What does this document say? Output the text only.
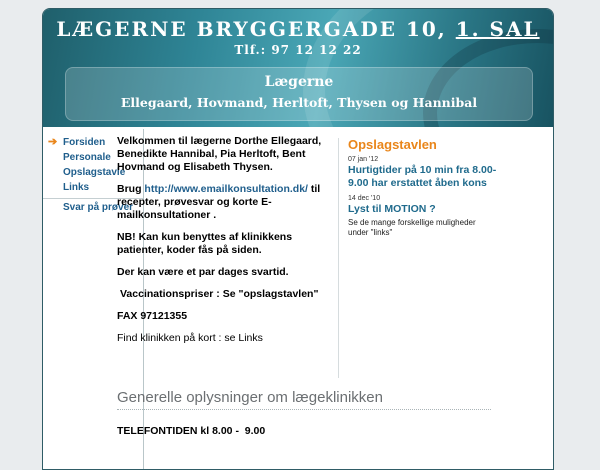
LÆGERNE BRYGGERGADE 10, 1. SAL
Tlf.: 97 12 12 22
Lægerne
Ellegaard, Hovmand, Herltoft, Thysen og Hannibal
➔ Forsiden
Personale
Opslagstavle
Links
Svar på prøver

Velkommen til lægerne Dorthe Ellegaard, Benedikte Hannibal, Pia Herltoft, Bent Hovmand og Elisabeth Thysen.

Brug http://www.emailkonsultation.dk/ til recepter, prøvesvar og korte E-mailkonsultationer .

NB! Kan kun benyttes af klinikkens patienter, koder fås på siden.

Der kan være et par dages svartid.

Vaccinationspriser : Se "opslagstavlen"

FAX 97121355

Find klinikken på kort : se Links

Opslagstavlen
07 jan '12
Hurtigtider på 10 min fra 8.00-9.00 har erstattet åben kons
14 dec '10
Lyst til MOTION ?
Se de mange forskellige muligheder under "links"
Generelle oplysninger om lægeklinikken
TELEFONTIDEN kl 8.00 -  9.00
